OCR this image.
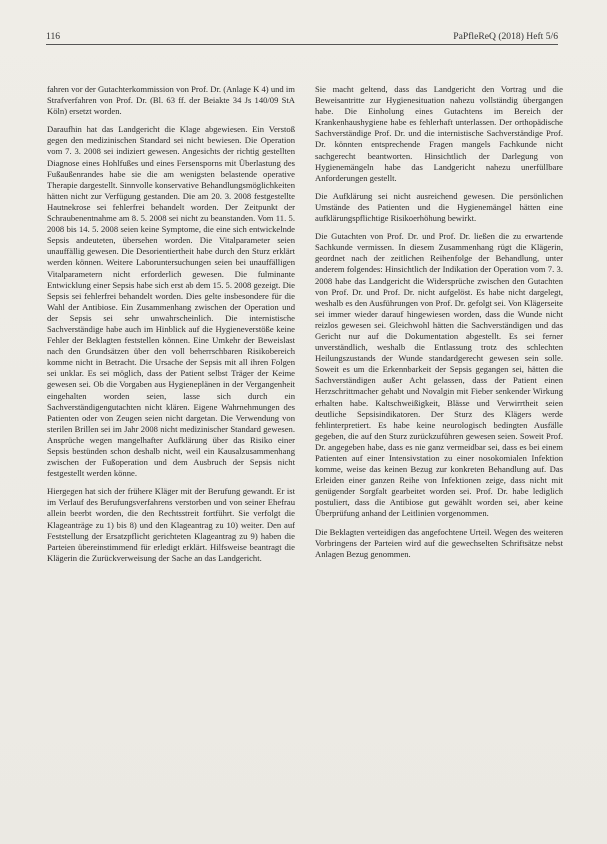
116	PaPfleReQ (2018) Heft 5/6

fahren vor der Gutachterkommission von Prof. Dr. (Anlage K 4) und im Strafverfahren von Prof. Dr. (Bl. 63 ff. der Beiakte 34 Js 140/09 StA Köln) ersetzt worden.

Daraufhin hat das Landgericht die Klage abgewiesen. Ein Verstoß gegen den medizinischen Standard sei nicht bewiesen. Die Operation vom 7. 3. 2008 sei indiziert gewesen. Angesichts der richtig gestellten Diagnose eines Hohlfußes und eines Fersensporns mit Überlastung des Fußaußenrandes habe sie die am wenigsten belastende operative Therapie dargestellt. Sinnvolle konservative Behandlungsmöglichkeiten hätten nicht zur Verfügung gestanden. Die am 20. 3. 2008 festgestellte Hautnekrose sei fehlerfrei behandelt worden. Der Zeitpunkt der Schraubenentnahme am 8. 5. 2008 sei nicht zu beanstanden. Vom 11. 5. 2008 bis 14. 5. 2008 seien keine Symptome, die eine sich entwickelnde Sepsis andeuteten, übersehen worden. Die Vitalparameter seien unauffällig gewesen. Die Desorientiertheit habe durch den Sturz erklärt werden können. Weitere Laboruntersuchungen seien bei unauffälligen Vitalparametern nicht erforderlich gewesen. Die fulminante Entwicklung einer Sepsis habe sich erst ab dem 15. 5. 2008 gezeigt. Die Sepsis sei fehlerfrei behandelt worden. Dies gelte insbesondere für die Wahl der Antibiose. Ein Zusammenhang zwischen der Operation und der Sepsis sei sehr unwahrscheinlich. Die internistische Sachverständige habe auch im Hinblick auf die Hygieneverstöße keine Fehler der Beklagten feststellen können. Eine Umkehr der Beweislast nach den Grundsätzen über den voll beherrschbaren Risikobereich komme nicht in Betracht. Die Ursache der Sepsis mit all ihren Folgen sei unklar. Es sei möglich, dass der Patient selbst Träger der Keime gewesen sei. Ob die Vorgaben aus Hygieneplänen in der Vergangenheit eingehalten worden seien, lasse sich durch ein Sachverständigengutachten nicht klären. Eigene Wahrnehmungen des Patienten oder von Zeugen seien nicht dargetan. Die Verwendung von sterilen Brillen sei im Jahr 2008 nicht medizinischer Standard gewesen. Ansprüche wegen mangelhafter Aufklärung über das Risiko einer Sepsis bestünden schon deshalb nicht, weil ein Kausalzusammenhang zwischen der Fußoperation und dem Ausbruch der Sepsis nicht festgestellt werden könne.

Hiergegen hat sich der frühere Kläger mit der Berufung gewandt. Er ist im Verlauf des Berufungsverfahrens verstorben und von seiner Ehefrau allein beerbt worden, die den Rechtsstreit fortführt. Sie verfolgt die Klageanträge zu 1) bis 8) und den Klageantrag zu 10) weiter. Den auf Feststellung der Ersatzpflicht gerichteten Klageantrag zu 9) haben die Parteien übereinstimmend für erledigt erklärt. Hilfsweise beantragt die Klägerin die Zurückverweisung der Sache an das Landgericht.

Sie macht geltend, dass das Landgericht den Vortrag und die Beweisantritte zur Hygienesituation nahezu vollständig übergangen habe. Die Einholung eines Gutachtens im Bereich der Krankenhaushygiene habe es fehlerhaft unterlassen. Der orthopädische Sachverständige Prof. Dr. und die internistische Sachverständige Prof. Dr. könnten entsprechende Fragen mangels Fachkunde nicht sachgerecht beantworten. Hinsichtlich der Darlegung von Hygienemängeln habe das Landgericht nahezu unerfüllbare Anforderungen gestellt.

Die Aufklärung sei nicht ausreichend gewesen. Die persönlichen Umstände des Patienten und die Hygienemängel hätten eine aufklärungspflichtige Risikoerhöhung bewirkt.

Die Gutachten von Prof. Dr. und Prof. Dr. ließen die zu erwartende Sachkunde vermissen. In diesem Zusammenhang rügt die Klägerin, geordnet nach der zeitlichen Reihenfolge der Behandlung, unter anderem folgendes: Hinsichtlich der Indikation der Operation vom 7. 3. 2008 habe das Landgericht die Widersprüche zwischen den Gutachten von Prof. Dr. und Prof. Dr. nicht aufgelöst. Es habe nicht dargelegt, weshalb es den Ausführungen von Prof. Dr. gefolgt sei. Von Klägerseite sei immer wieder darauf hingewiesen worden, dass die Wunde nicht reizlos gewesen sei. Gleichwohl hätten die Sachverständigen und das Gericht nur auf die Dokumentation abgestellt. Es sei ferner unverständlich, weshalb die Entlassung trotz des schlechten Heilungszustands der Wunde standardgerecht gewesen sein solle. Soweit es um die Erkennbarkeit der Sepsis gegangen sei, hätten die Sachverständigen außer Acht gelassen, dass der Patient einen Herzschrittmacher gehabt und Novalgin mit Fieber senkender Wirkung erhalten habe. Kaltschweißigkeit, Blässe und Verwirrtheit seien deutliche Sepsisindikatoren. Der Sturz des Klägers werde fehlinterpretiert. Es habe keine neurologisch bedingten Ausfälle gegeben, die auf den Sturz zurückzuführen gewesen seien. Soweit Prof. Dr. angegeben habe, dass es nie ganz vermeidbar sei, dass es bei einem Patienten auf einer Intensivstation zu einer nosokomialen Infektion komme, weise das keinen Bezug zur konkreten Behandlung auf. Das Erleiden einer ganzen Reihe von Infektionen zeige, dass nicht mit genügender Sorgfalt gearbeitet worden sei. Prof. Dr. habe lediglich postuliert, dass die Antibiose gut gewählt worden sei, aber keine Überprüfung anhand der Leitlinien vorgenommen.

Die Beklagten verteidigen das angefochtene Urteil. Wegen des weiteren Vorbringens der Parteien wird auf die gewechselten Schriftsätze nebst Anlagen Bezug genommen.
